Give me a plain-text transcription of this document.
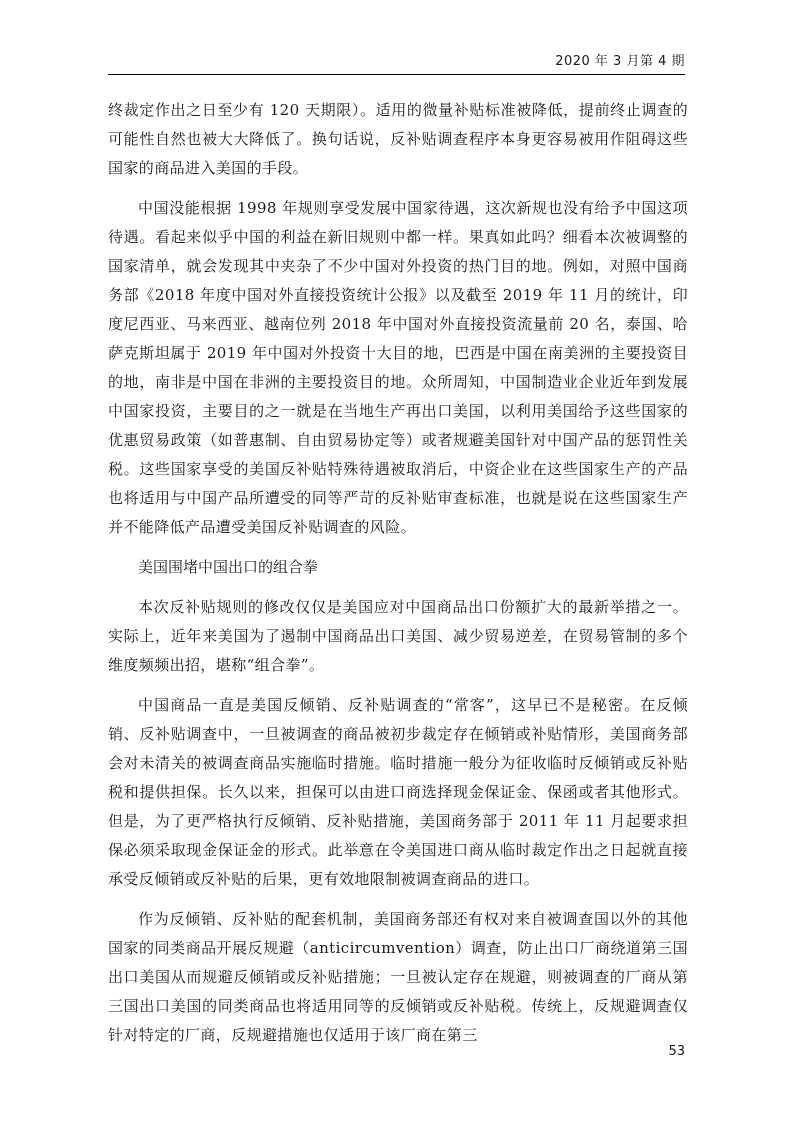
2020 年 3 月第 4 期

终裁定作出之日至少有 120 天期限）。适用的微量补贴标准被降低，提前终止调查的可能性自然也被大大降低了。换句话说，反补贴调查程序本身更容易被用作阻碍这些国家的商品进入美国的手段。

中国没能根据 1998 年规则享受发展中国家待遇，这次新规也没有给予中国这项待遇。看起来似乎中国的利益在新旧规则中都一样。果真如此吗？细看本次被调整的国家清单，就会发现其中夹杂了不少中国对外投资的热门目的地。例如，对照中国商务部《2018 年度中国对外直接投资统计公报》以及截至 2019 年 11 月的统计，印度尼西亚、马来西亚、越南位列 2018 年中国对外直接投资流量前 20 名，泰国、哈萨克斯坦属于 2019 年中国对外投资十大目的地，巴西是中国在南美洲的主要投资目的地，南非是中国在非洲的主要投资目的地。众所周知，中国制造业企业近年到发展中国家投资，主要目的之一就是在当地生产再出口美国，以利用美国给予这些国家的优惠贸易政策（如普惠制、自由贸易协定等）或者规避美国针对中国产品的惩罚性关税。这些国家享受的美国反补贴特殊待遇被取消后，中资企业在这些国家生产的产品也将适用与中国产品所遭受的同等严苛的反补贴审查标准，也就是说在这些国家生产并不能降低产品遭受美国反补贴调查的风险。

美国围堵中国出口的组合拳

本次反补贴规则的修改仅仅是美国应对中国商品出口份额扩大的最新举措之一。实际上，近年来美国为了遏制中国商品出口美国、减少贸易逆差，在贸易管制的多个维度频频出招，堪称“组合拳”。

中国商品一直是美国反倾销、反补贴调查的“常客”，这早已不是秘密。在反倾销、反补贴调查中，一旦被调查的商品被初步裁定存在倾销或补贴情形，美国商务部会对未清关的被调查商品实施临时措施。临时措施一般分为征收临时反倾销或反补贴税和提供担保。长久以来，担保可以由进口商选择现金保证金、保函或者其他形式。但是，为了更严格执行反倾销、反补贴措施，美国商务部于 2011 年 11 月起要求担保必须采取现金保证金的形式。此举意在令美国进口商从临时裁定作出之日起就直接承受反倾销或反补贴的后果，更有效地限制被调查商品的进口。

作为反倾销、反补贴的配套机制，美国商务部还有权对来自被调查国以外的其他国家的同类商品开展反规避（anticircumvention）调查，防止出口厂商绕道第三国出口美国从而规避反倾销或反补贴措施；一旦被认定存在规避，则被调查的厂商从第三国出口美国的同类商品也将适用同等的反倾销或反补贴税。传统上，反规避调查仅针对特定的厂商，反规避措施也仅适用于该厂商在第三

53
